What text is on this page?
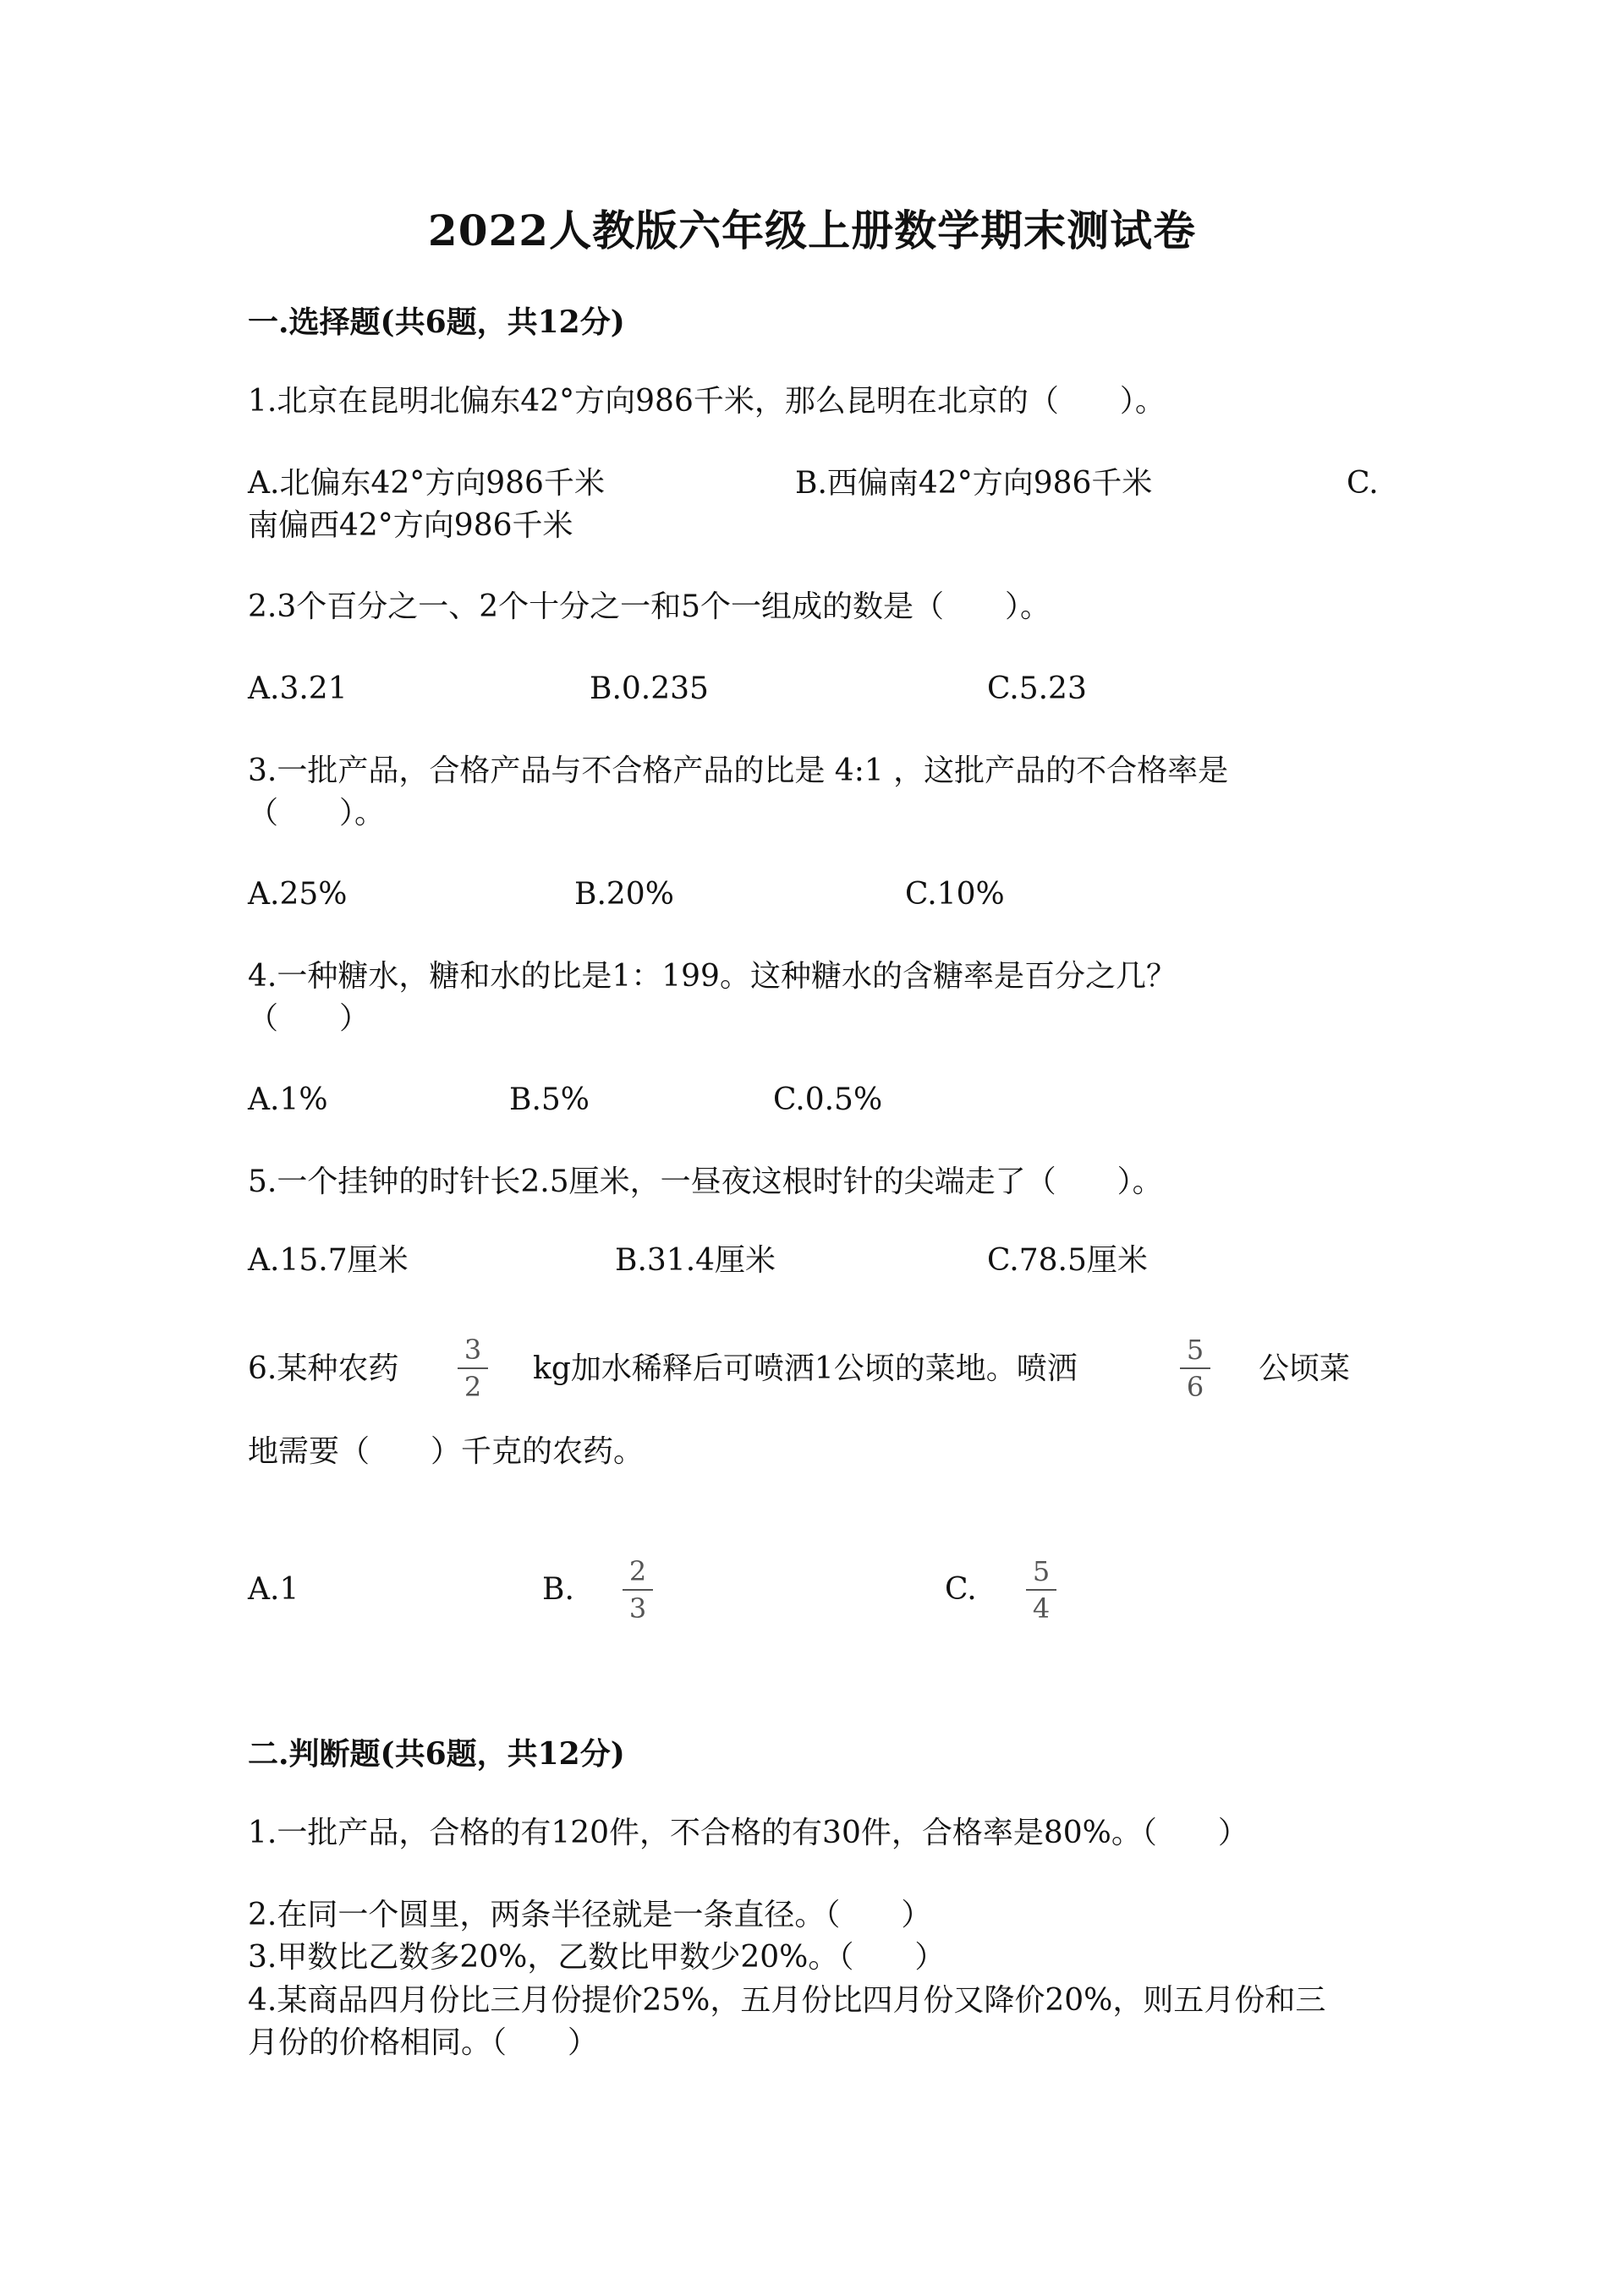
2022人教版六年级上册数学期末测试卷
一.选择题(共6题，共12分)
1.北京在昆明北偏东42°方向986千米，那么昆明在北京的（　　）。
A.北偏东42°方向986千米	B.西偏南42°方向986千米	C.
南偏西42°方向986千米
2.3个百分之一、2个十分之一和5个一组成的数是（　　）。
A.3.21	B.0.235	C.5.23
3.一批产品，合格产品与不合格产品的比是 4:1 ，这批产品的不合格率是
（　　）。
A.25%	B.20%	C.10%
4.一种糖水，糖和水的比是1：199。这种糖水的含糖率是百分之几？
（　　）
A.1%	B.5%	C.0.5%
5.一个挂钟的时针长2.5厘米，一昼夜这根时针的尖端走了（　　）。
A.15.7厘米	B.31.4厘米	C.78.5厘米
6.某种农药
3
2
kg加水稀释后可喷洒1公顷的菜地。喷洒
5
6
公顷菜
地需要（　　）千克的农药。
A.1	B.
2
3
C.
5
4
二.判断题(共6题，共12分)
1.一批产品，合格的有120件，不合格的有30件，合格率是80%。（　　）
2.在同一个圆里，两条半径就是一条直径。（　　）
3.甲数比乙数多20%，乙数比甲数少20%。（　　）
4.某商品四月份比三月份提价25%，五月份比四月份又降价20%，则五月份和三
月份的价格相同。（　　）
